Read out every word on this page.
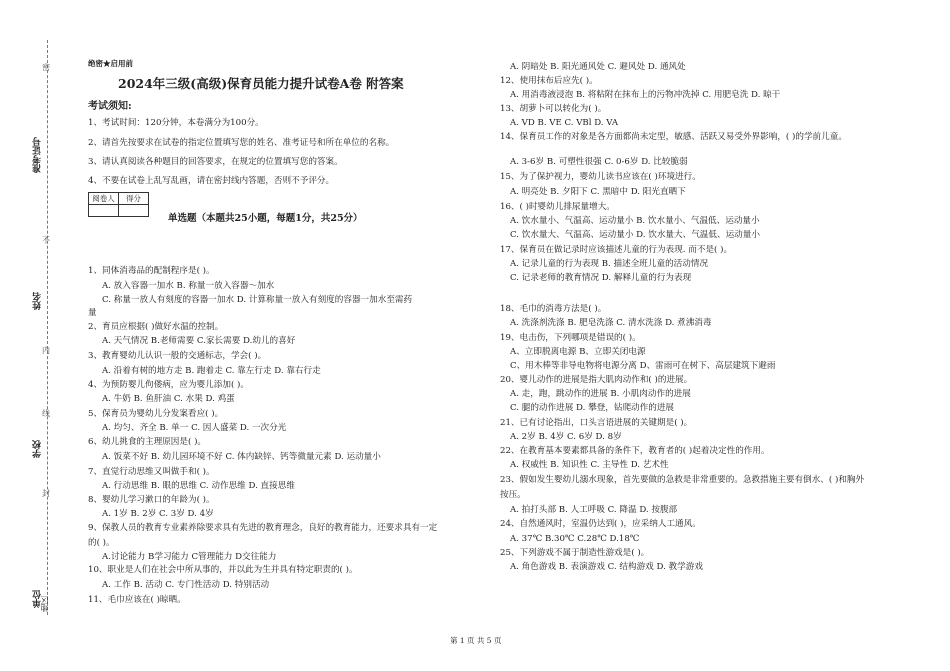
准考证号
姓名
学校
单位
地区
密
不
内
线
封
绝密★启用前
2024年三级(高级)保育员能力提升试卷A卷 附答案
考试须知:
1、考试时间：120分钟，本卷满分为100分。
2、请首先按要求在试卷的指定位置填写您的姓名、准考证号和所在单位的名称。
3、请认真阅读各种题目的回答要求，在规定的位置填写您的答案。
4、不要在试卷上乱写乱画，请在密封线内答题，否则不予评分。
阅卷人	得分

单选题（本题共25小题，每题1分，共25分）
1、同体消毒品的配制程序是( )。
A. 放入容器一加水 B. 称量一放入容器～加水
C. 称量一放人有刻度的容器一加水 D. 计算称量一放入有刻度的容器一加水至需药
量
2、育员应根据( )做好水温的控制。
A. 天气情况 B.老师需要 C.家长需要 D.幼儿的喜好
3、教育婴幼儿认识一般的交通标志，学会( )。
A. 沿着有树的地方走 B. 跑着走 C. 靠左行走 D. 靠右行走
4、为预防婴儿佝偻病，应为婴儿添加( )。
A. 牛奶 B. 鱼肝油 C. 水果 D. 鸡蛋
5、保育员为婴幼儿分发案看应( )。
A. 均匀、齐全 B. 单一 C. 因人盛菜 D. 一次分光
6、幼儿挑食的主理原因是( )。
A. 饭菜不好 B. 幼儿园环境不好 C. 体内缺锌、钙等微量元素 D. 运动量小
7、直觉行动思维又叫做手和( )。
A. 行动思维 B. 眼的思维 C. 动作思维 D. 直接思维
8、婴幼儿学习漱口的年龄为( )。
A. 1岁 B. 2岁 C. 3岁 D. 4岁
9、保教人员的教育专业素养除要求具有先进的教育理念，良好的教育能力，还要求具有一定
的( )。
A.讨论能力 B学习能力 C管理能力 D交往能力
10、职业是人们在社会中所从事的，并以此为生并具有特定职责的( )。
A. 工作 B. 活动 C. 专门性活动 D. 特别活动
11、毛巾应该在( )晾晒。
A. 阴暗处 B. 阳光通风处 C. 避风处 D. 通风处
12、使用抹布后应先( )。
A. 用消毒液浸泡 B. 将粘附在抹布上的污物冲洗掉 C. 用肥皂洗 D. 晾干
13、胡萝卜可以转化为( )。
A. VD B. VE C. VBl D. VA
14、保育员工作的对象是各方面都尚未定型，敏感、活跃又易受外界影响，( )的学前儿童。
A. 3-6岁 B. 可塑性很强 C. 0-6岁 D. 比较脆弱
15、为了保护视力，婴幼儿读书应该在( )环境进行。
A. 明亮处 B. 夕阳下 C. 黑暗中 D. 阳光直晒下
16、( )时婴幼儿排尿量增大。
A. 饮水量小、气温高、运动量小 B. 饮水量小、气温低、运动量小
C. 饮水量大、气温高、运动量小 D. 饮水量大、气温低、运动量小
17、保育员在做记录时应该描述儿童的行为表现. 而不是( )。
A. 记录儿童的行为表现 B. 描述全班儿童的活动情况
C. 记录老师的教育情况 D. 解释儿童的行为表现
18、毛巾的消毒方法是( )。
A. 洗涤剂洗涤 B. 肥皂洗涤 C. 清水洗涤 D. 煮沸消毒
19、电击伤，下列哪项是错误的( )。
A、立即脱离电源 B、立即关闭电源
C、用木棒等非导电物将电源分离 D、雷雨可在树下、高层建筑下避雨
20、婴儿动作的进展是指大肌肉动作和( )的进展。
A. 走，跑，跳动作的进展 B. 小肌肉动作的进展
C. 腿的动作进展 D. 攀登，钻爬动作的进展
21、已有讨论指出，口头言语进展的关键期是( )。
A. 2岁 B. 4岁 C. 6岁 D. 8岁
22、在教育基本要素都具备的条件下，教育者的( )起着决定性的作用。
A. 权威性 B. 知识性 C. 主导性 D. 艺术性
23、假如发生婴幼儿溺水现象，首先要做的急救是非常重要的。急救措施主要有倒水、( )和胸外
按压。
A. 拍打头部 B. 人工呼吸 C. 降温 D. 按腹部
24、自然通风时，室温仍达到( )，应采纳人工通风。
A. 37℃ B.30℃ C.28℃ D.18℃
25、下列游戏不属于制造性游戏是( )。
A. 角色游戏 B. 表演游戏 C. 结构游戏 D. 教学游戏
第 1 页 共 5 页
